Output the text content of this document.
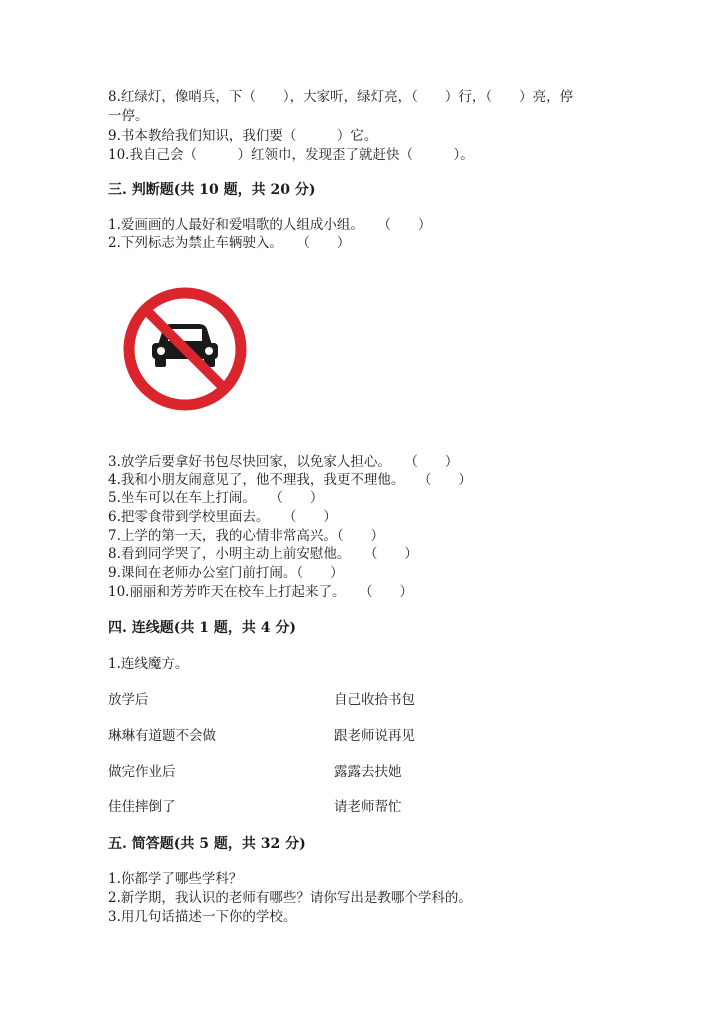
8.红绿灯，像哨兵，下（　　），大家听，绿灯亮，（　　）行，（　　）亮，停
一停。
9.书本教给我们知识，我们要（　　　）它。
10.我自己会（　　　）红领巾，发现歪了就赶快（　　　）。
三. 判断题(共 10 题，共 20 分)
1.爱画画的人最好和爱唱歌的人组成小组。　　（　　）
2.下列标志为禁止车辆驶入。　　（　　）
3.放学后要拿好书包尽快回家，以免家人担心。　　（　　）
4.我和小朋友闹意见了，他不理我，我更不理他。　　（　　）
5.坐车可以在车上打闹。　　（　　）
6.把零食带到学校里面去。　　（　　）
7.上学的第一天，我的心情非常高兴。（　　）
8.看到同学哭了，小明主动上前安慰他。　　（　　）
9.课间在老师办公室门前打闹。（　　）
10.丽丽和芳芳昨天在校车上打起来了。　　（　　）
四. 连线题(共 1 题，共 4 分)
1.连线魔方。
放学后	自己收拾书包
琳琳有道题不会做	跟老师说再见
做完作业后	露露去扶她
佳佳摔倒了	请老师帮忙
五. 简答题(共 5 题，共 32 分)
1.你都学了哪些学科？
2.新学期，我认识的老师有哪些？请你写出是教哪个学科的。
3.用几句话描述一下你的学校。
